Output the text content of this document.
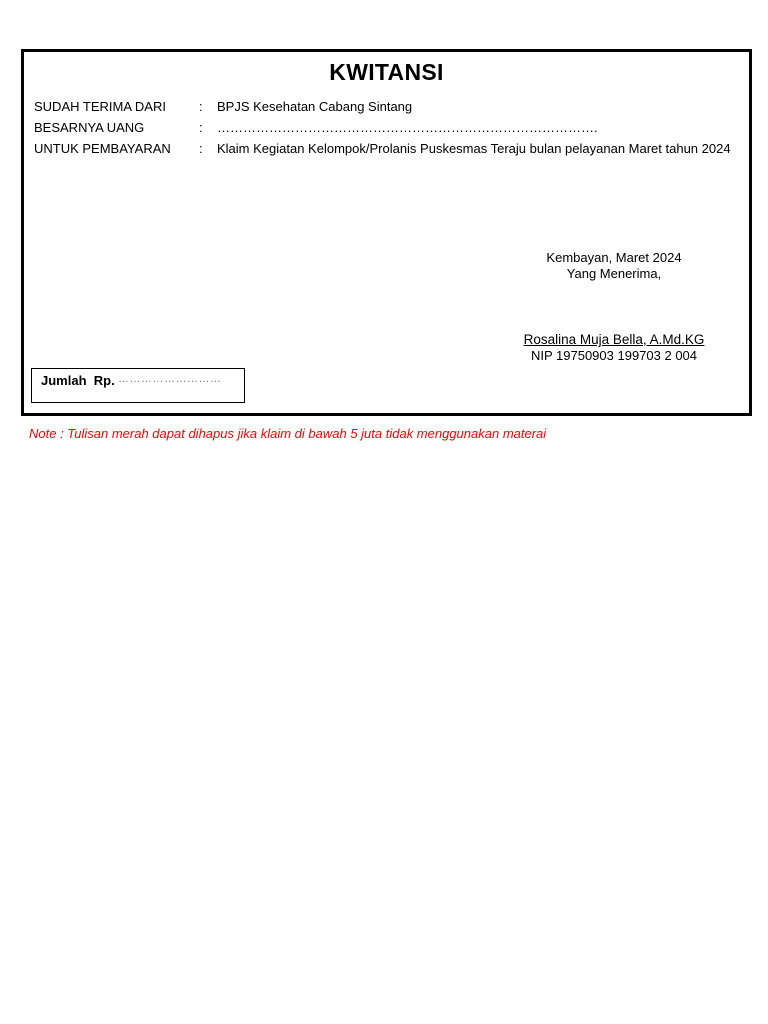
KWITANSI
SUDAH TERIMA DARI	: BPJS Kesehatan Cabang Sintang
BESARNYA UANG	: …………………………………………………………………………….
UNTUK PEMBAYARAN : Klaim Kegiatan Kelompok/Prolanis Puskesmas Teraju bulan pelayanan Maret tahun 2024
Kembayan, Maret 2024
Yang Menerima,
Rosalina Muja Bella, A.Md.KG
NIP 19750903 199703 2 004
Jumlah  Rp. ………………………
Note : Tulisan merah dapat dihapus jika klaim di bawah 5 juta tidak menggunakan materai
